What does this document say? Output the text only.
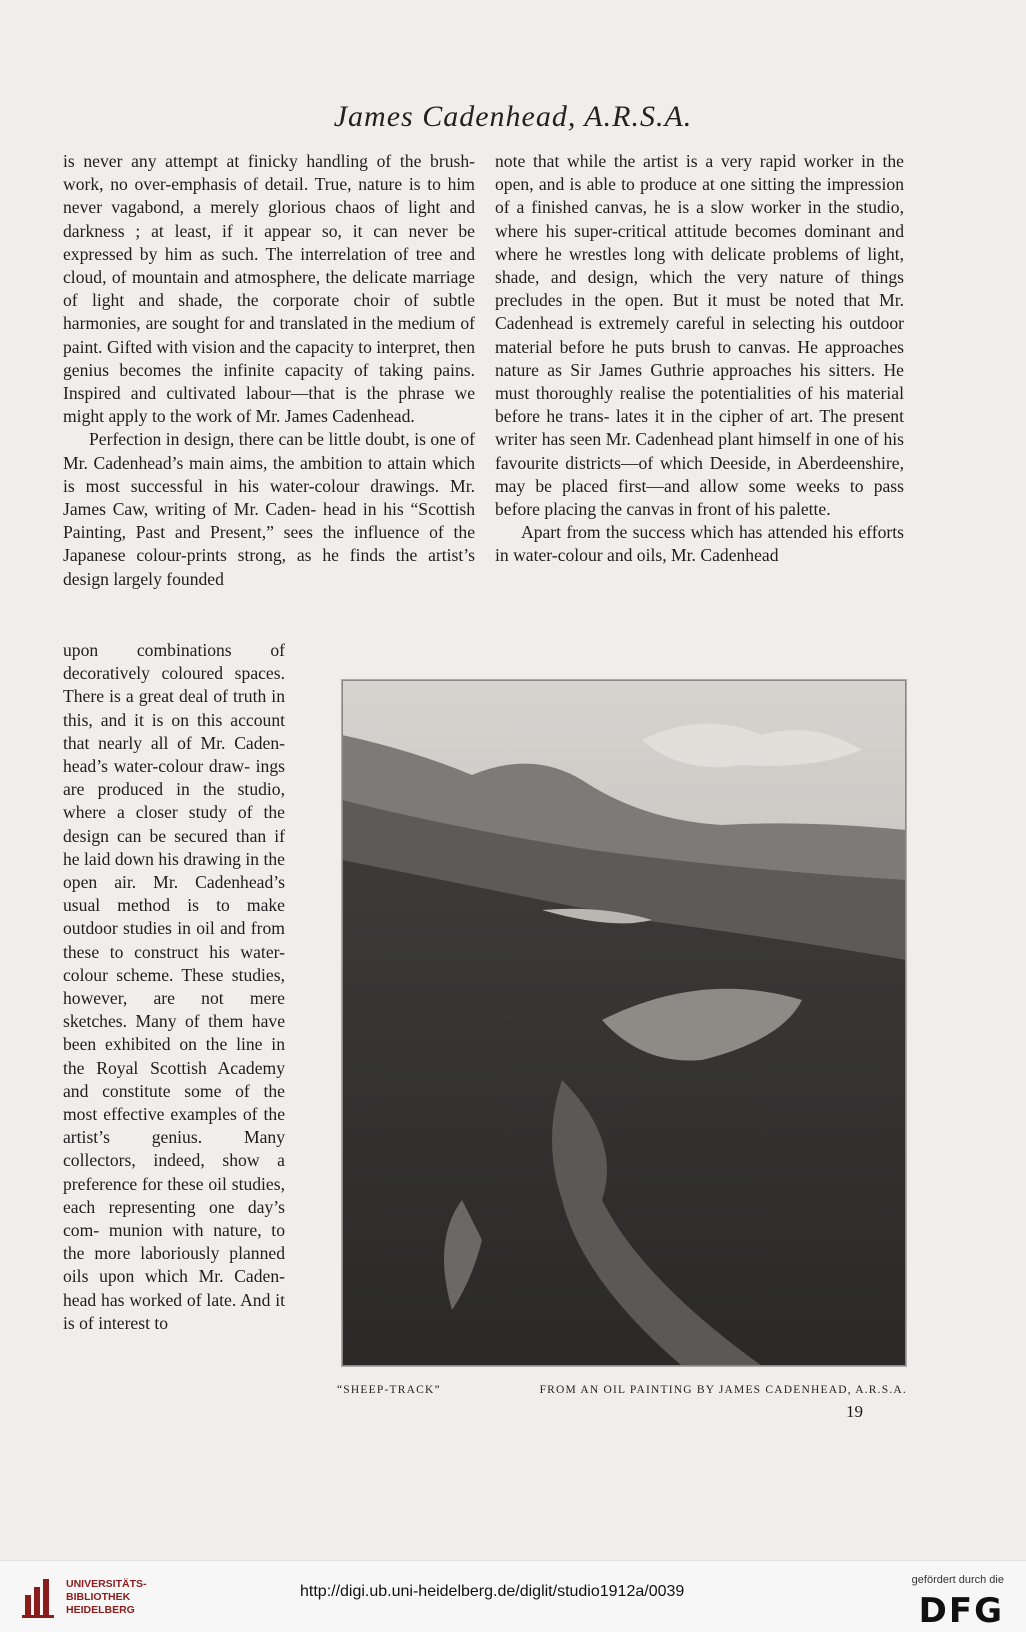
James Cadenhead, A.R.S.A.

is never any attempt at finicky handling of the brush-work, no over-emphasis of detail. True, nature is to him never vagabond, a merely glorious chaos of light and darkness ; at least, if it appear so, it can never be expressed by him as such. The interrelation of tree and cloud, of mountain and atmosphere, the delicate marriage of light and shade, the corporate choir of subtle harmonies, are sought for and translated in the medium of paint. Gifted with vision and the capacity to interpret, then genius becomes the infinite capacity of taking pains. Inspired and cultivated labour—that is the phrase we might apply to the work of Mr. James Cadenhead.

Perfection in design, there can be little doubt, is one of Mr. Cadenhead’s main aims, the ambition to attain which is most successful in his water-colour drawings. Mr. James Caw, writing of Mr. Caden- head in his “Scottish Painting, Past and Present,” sees the influence of the Japanese colour-prints strong, as he finds the artist’s design largely founded

upon combinations of decoratively coloured spaces. There is a great deal of truth in this, and it is on this account that nearly all of Mr. Caden- head’s water-colour draw- ings are produced in the studio, where a closer study of the design can be secured than if he laid down his drawing in the open air. Mr. Cadenhead’s usual method is to make outdoor studies in oil and from these to construct his water-colour scheme. These studies, however, are not mere sketches. Many of them have been exhibited on the line in the Royal Scottish Academy and constitute some of the most effective examples of the artist’s genius. Many collectors, indeed, show a preference for these oil studies, each representing one day’s com- munion with nature, to the more laboriously planned oils upon which Mr. Caden- head has worked of late. And it is of interest to

note that while the artist is a very rapid worker in the open, and is able to produce at one sitting the impression of a finished canvas, he is a slow worker in the studio, where his super-critical attitude becomes dominant and where he wrestles long with delicate problems of light, shade, and design, which the very nature of things precludes in the open. But it must be noted that Mr. Cadenhead is extremely careful in selecting his outdoor material before he puts brush to canvas. He approaches nature as Sir James Guthrie approaches his sitters. He must thoroughly realise the potentialities of his material before he trans- lates it in the cipher of art. The present writer has seen Mr. Cadenhead plant himself in one of his favourite districts—of which Deeside, in Aberdeenshire, may be placed first—and allow some weeks to pass before placing the canvas in front of his palette.

Apart from the success which has attended his efforts in water-colour and oils, Mr. Cadenhead

“SHEEP-TRACK”	FROM AN OIL PAINTING BY JAMES CADENHEAD, A.R.S.A.
19
UNIVERSITÄTS-
BIBLIOTHEK
HEIDELBERG
http://digi.ub.uni-heidelberg.de/diglit/studio1912a/0039
gefördert durch die
DFG
